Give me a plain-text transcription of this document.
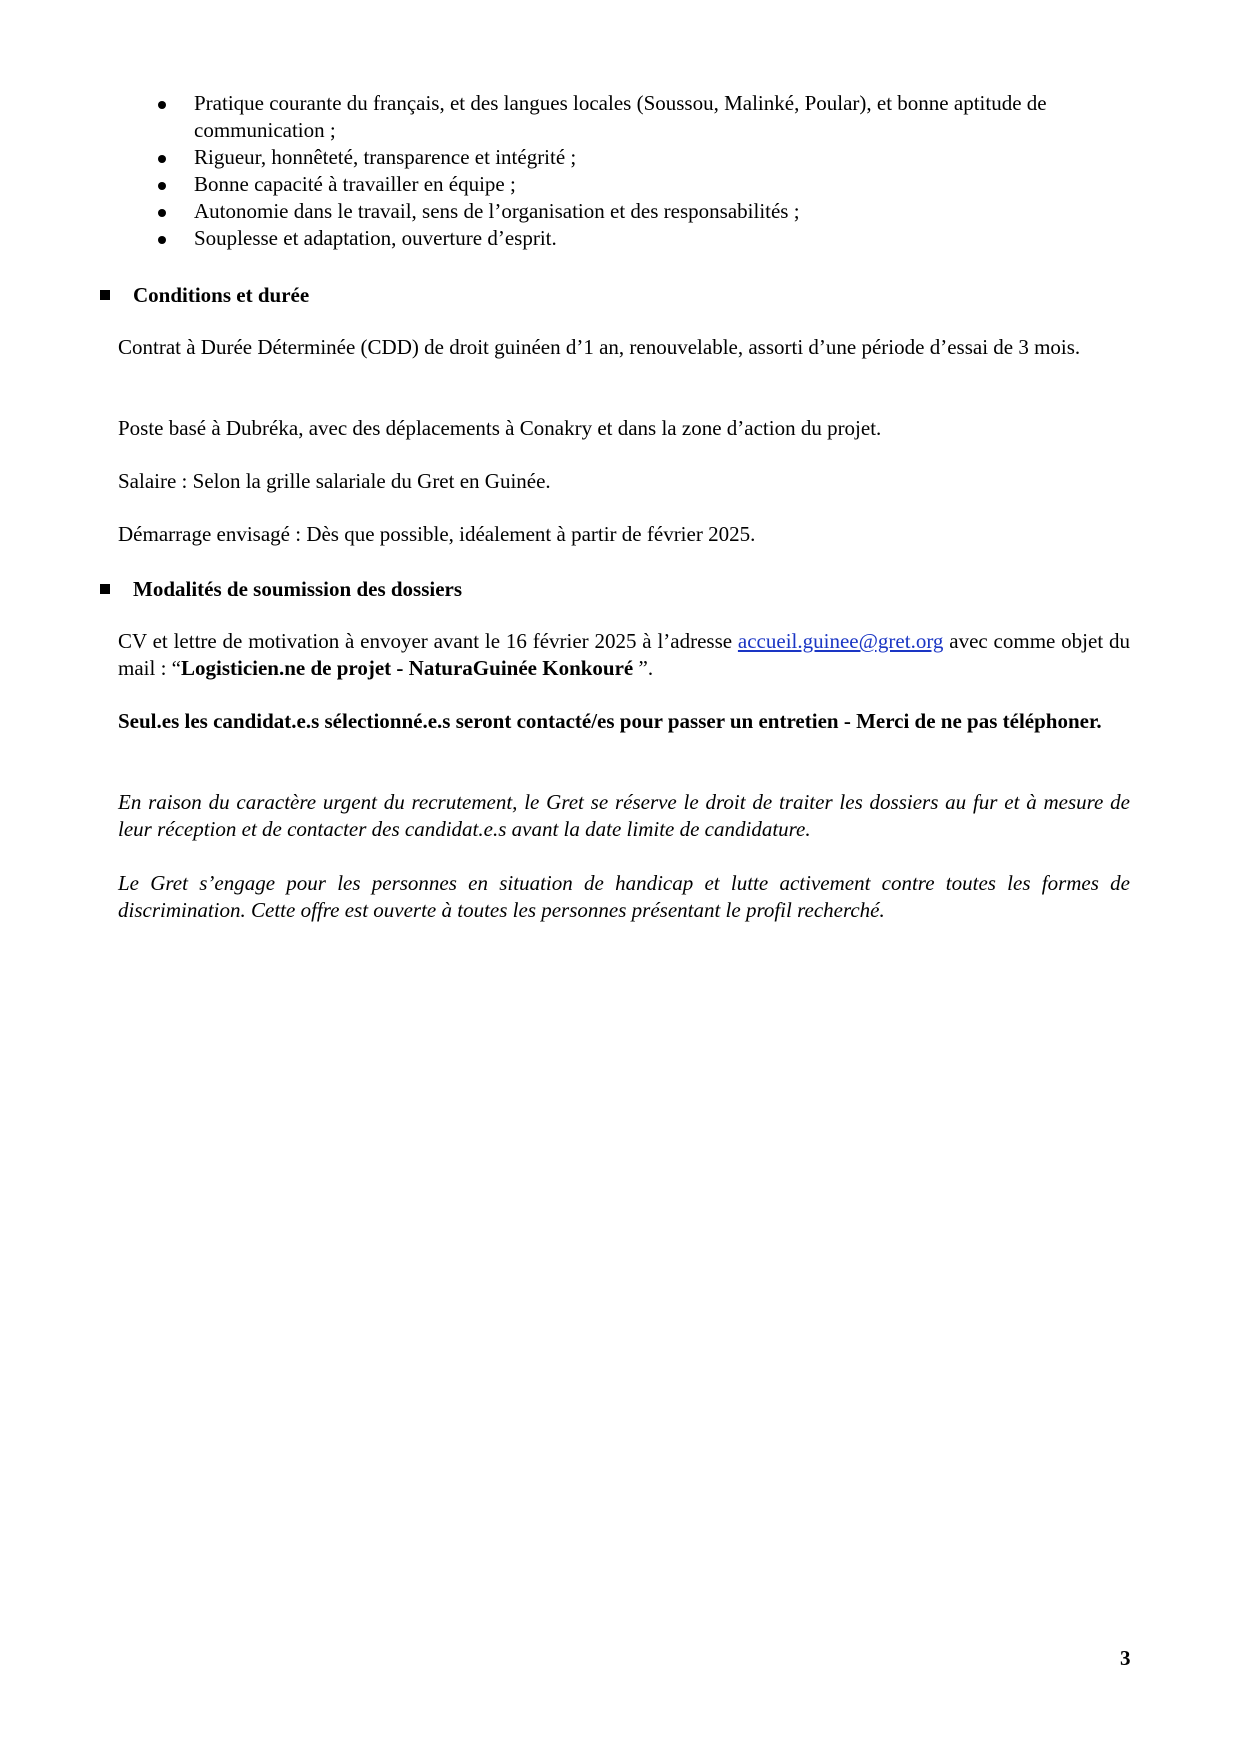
Pratique courante du français, et des langues locales (Soussou, Malinké, Poular), et bonne aptitude de communication ;
Rigueur, honnêteté, transparence et intégrité ;
Bonne capacité à travailler en équipe ;
Autonomie dans le travail, sens de l’organisation et des responsabilités ;
Souplesse et adaptation, ouverture d’esprit.
Conditions et durée
Contrat à Durée Déterminée (CDD) de droit guinéen d’1 an, renouvelable, assorti d’une période d’essai de 3 mois.
Poste basé à Dubréka, avec des déplacements à Conakry et dans la zone d’action du projet.
Salaire : Selon la grille salariale du Gret en Guinée.
Démarrage envisagé : Dès que possible, idéalement à partir de février 2025.
Modalités de soumission des dossiers
CV et lettre de motivation à envoyer avant le 16 février 2025 à l’adresse accueil.guinee@gret.org avec comme objet du mail : “Logisticien.ne de projet - NaturaGuinée Konkouré ”.
Seul.es les candidat.e.s sélectionné.e.s seront contacté/es pour passer un entretien - Merci de ne pas téléphoner.
En raison du caractère urgent du recrutement, le Gret se réserve le droit de traiter les dossiers au fur et à mesure de leur réception et de contacter des candidat.e.s avant la date limite de candidature.
Le Gret s’engage pour les personnes en situation de handicap et lutte activement contre toutes les formes de discrimination. Cette offre est ouverte à toutes les personnes présentant le profil recherché.
3
